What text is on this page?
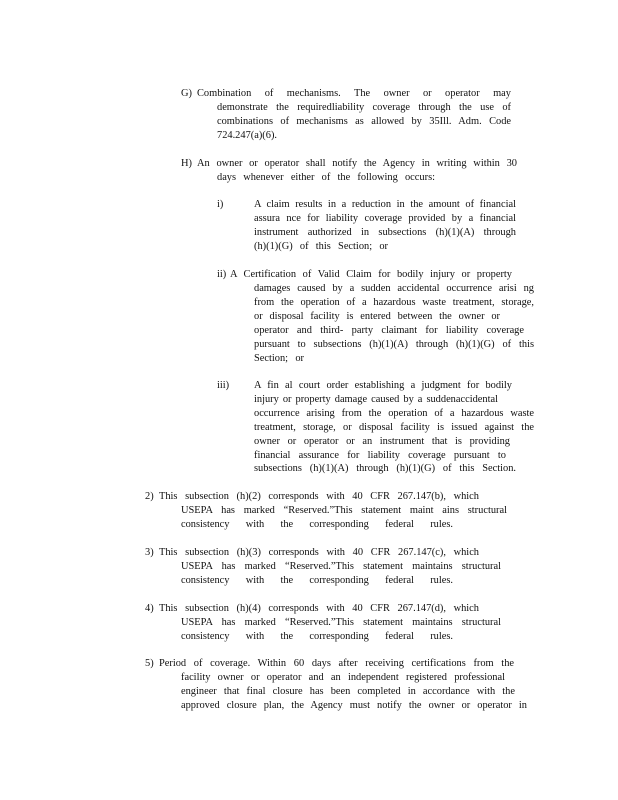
G) Combination of mechanisms. The owner or operator may
demonstrate the requiredliability coverage through the use of
combinations of mechanisms as allowed by 35Ill. Adm. Code
724.247(a)(6).
H) An owner or operator shall notify the Agency in writing within 30
days whenever either of the following occurs:
i)	A claim results in a reduction in the amount of financial
assura nce for liability coverage provided by a financial
instrument authorized in subsections (h)(1)(A) through
(h)(1)(G) of this Section; or
ii) A Certification of Valid Claim for bodily injury or property
damages caused by a sudden accidental occurrence arisi ng
from the operation of a hazardous waste treatment, storage,
or disposal facility is entered between the owner or
operator and third- party claimant for liability coverage
pursuant to subsections (h)(1)(A) through (h)(1)(G) of this
Section; or
iii) A fin al court order establishing a judgment for bodily
injury or property damage caused by a suddenaccidental
occurrence arising from the operation of a hazardous waste
treatment, storage, or disposal facility is issued against the
owner or operator or an instrument that is providing
financial assurance for liability coverage pursuant to
subsections (h)(1)(A) through (h)(1)(G) of this Section.
2) This subsection (h)(2) corresponds with 40 CFR 267.147(b), which
USEPA has marked “Reserved.”This statement maint ains structural
consistency with the corresponding federal rules.
3) This subsection (h)(3) corresponds with 40 CFR 267.147(c), which
USEPA has marked “Reserved.”This statement maintains structural
consistency with the corresponding federal rules.
4) This subsection (h)(4) corresponds with 40 CFR 267.147(d), which
USEPA has marked “Reserved.”This statement maintains structural
consistency with the corresponding federal rules.
5) Period of coverage. Within 60 days after receiving certifications from the
facility owner or operator and an independent registered professional
engineer that final closure has been completed in accordance with the
approved closure plan, the Agency must notify the owner or operator in
